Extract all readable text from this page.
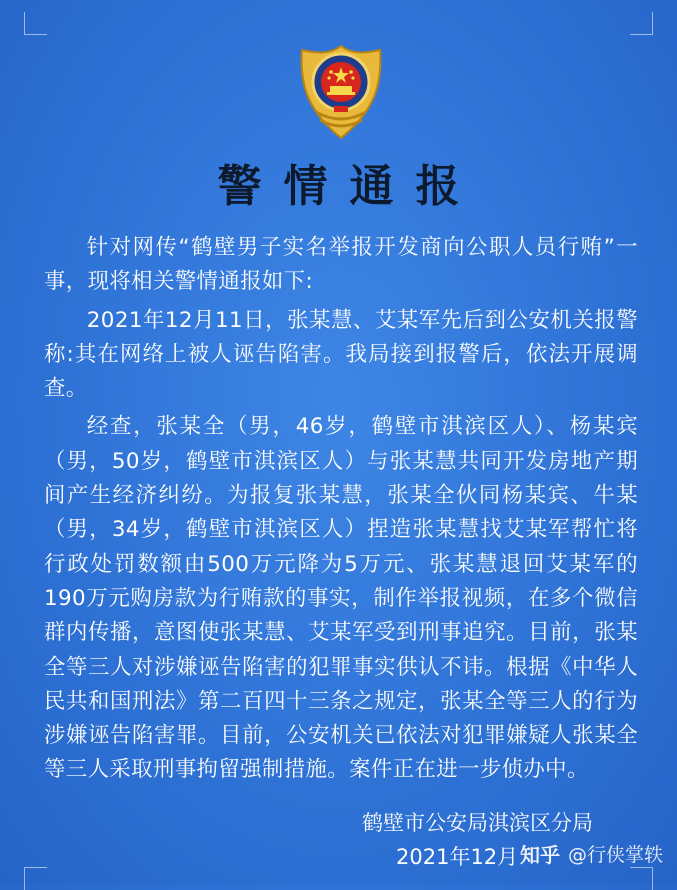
警情通报

针对网传“鹤壁男子实名举报开发商向公职人员行贿”一事，现将相关警情通报如下:

2021年12月11日，张某慧、艾某军先后到公安机关报警称:其在网络上被人诬告陷害。我局接到报警后，依法开展调查。

经查，张某全（男，46岁，鹤壁市淇滨区人）、杨某宾（男，50岁，鹤壁市淇滨区人）与张某慧共同开发房地产期间产生经济纠纷。为报复张某慧，张某全伙同杨某宾、牛某（男，34岁，鹤壁市淇滨区人）捏造张某慧找艾某军帮忙将行政处罚数额由500万元降为5万元、张某慧退回艾某军的190万元购房款为行贿款的事实，制作举报视频，在多个微信群内传播，意图使张某慧、艾某军受到刑事追究。目前，张某全等三人对涉嫌诬告陷害的犯罪事实供认不讳。根据《中华人民共和国刑法》第二百四十三条之规定，张某全等三人的行为涉嫌诬告陷害罪。目前，公安机关已依法对犯罪嫌疑人张某全等三人采取刑事拘留强制措施。案件正在进一步侦办中。

鹤壁市公安局淇滨区分局
2021年12月 知乎 @行侠掌轶
